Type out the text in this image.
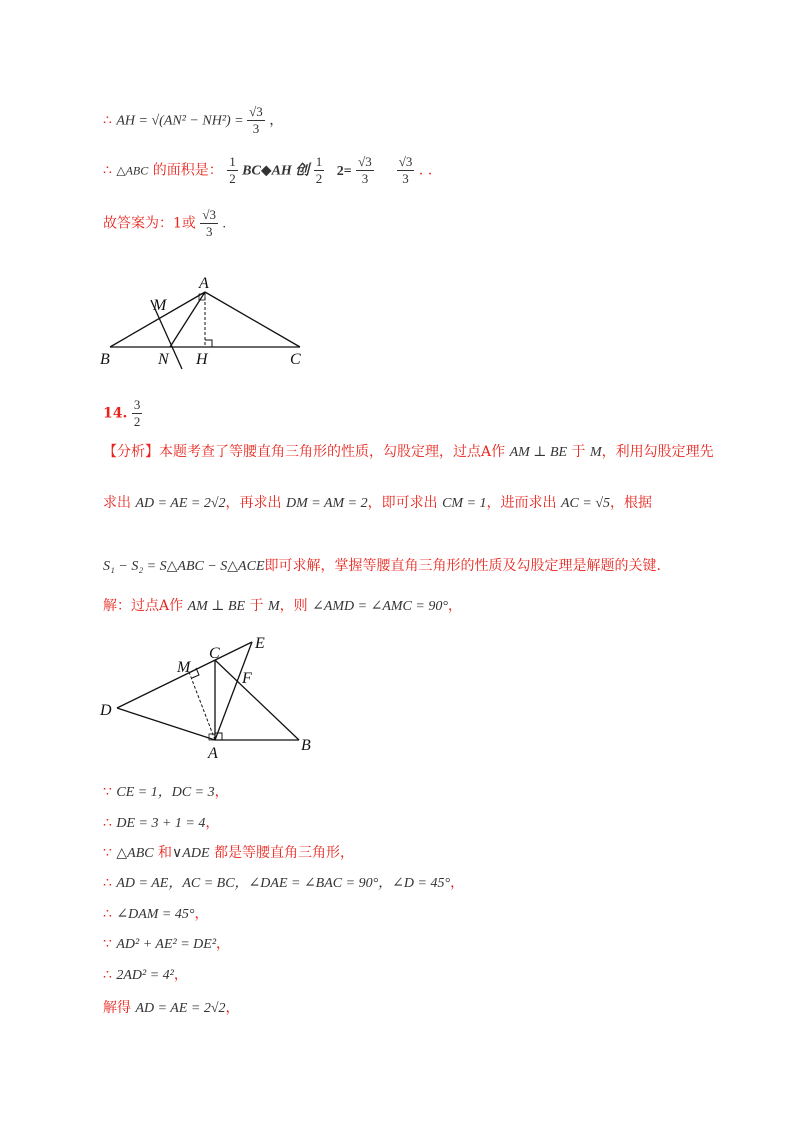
∴ AH = $√(AN^2 - NH^2) = \frac{√3}{3}$ ，
∴ △ABC 的面积是： $\frac{1}{2}$ BC◆AH 创 $\frac{1}{2} 2= \frac{√3}{3}$
$\frac{√3}{3}$ . .
故答案为：1或 $\frac{√3}{3}$ .
A
M
B	N H	C
14. $\frac{3}{2}$
【分析】本题考查了等腰直角三角形的性质，勾股定理，过点A作 AM ⊥ BE 于 M，利用勾股定理先
求出 AD = AE = 2√2，再求出 DM = AM = 2，即可求出 CM = 1，进而求出 AC = √5，根据
S₁ − S₂ = S△ABC − S△ACE即可求解，掌握等腰直角三角形的性质及勾股定理是解题的关键.
解：过点A作 AM ⊥ BE 于 M，则 ∠AMD = ∠AMC = 90°，
E
M
C
F
D
A	B
∵ CE = 1，DC = 3，
∴ DE = 3 + 1 = 4，
∵ △ABC 和∨ADE 都是等腰直角三角形，
∴ AD = AE，AC = BC，∠DAE = ∠BAC = 90°，∠D = 45°，
∴ ∠DAM = 45°，
∵ AD² + AE² = DE²，
∴ 2AD² = 4²，
解得 AD = AE = 2√2，
